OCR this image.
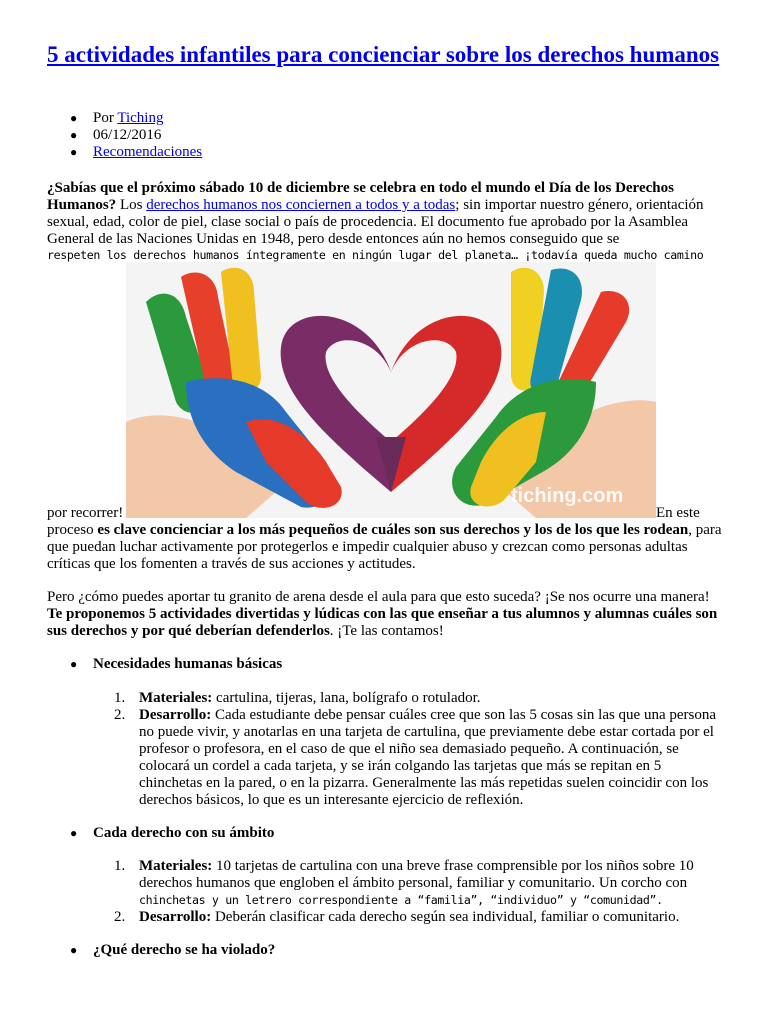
5 actividades infantiles para concienciar sobre los derechos humanos
● Por Tiching
● 06/12/2016
● Recomendaciones

¿Sabías que el próximo sábado 10 de diciembre se celebra en todo el mundo el Día de los Derechos Humanos? Los derechos humanos nos conciernen a todos y a todas; sin importar nuestro género, orientación sexual, edad, color de piel, clase social o país de procedencia. El documento fue aprobado por la Asamblea General de las Naciones Unidas en 1948, pero desde entonces aún no hemos conseguido que se

respeten los derechos humanos íntegramente en ningún lugar del planeta… ¡todavía queda mucho camino

tiching.com

por recorrer!	En este

proceso es clave concienciar a los más pequeños de cuáles son sus derechos y los de los que les rodean, para que puedan luchar activamente por protegerlos e impedir cualquier abuso y crezcan como personas adultas críticas que los fomenten a través de sus acciones y actitudes.

Pero ¿cómo puedes aportar tu granito de arena desde el aula para que esto suceda? ¡Se nos ocurre una manera! Te proponemos 5 actividades divertidas y lúdicas con las que enseñar a tus alumnos y alumnas cuáles son sus derechos y por qué deberían defenderlos. ¡Te las contamos!

● Necesidades humanas básicas
1. Materiales: cartulina, tijeras, lana, bolígrafo o rotulador.
2. Desarrollo: Cada estudiante debe pensar cuáles cree que son las 5 cosas sin las que una persona no puede vivir, y anotarlas en una tarjeta de cartulina, que previamente debe estar cortada por el profesor o profesora, en el caso de que el niño sea demasiado pequeño. A continuación, se colocará un cordel a cada tarjeta, y se irán colgando las tarjetas que más se repitan en 5 chinchetas en la pared, o en la pizarra. Generalmente las más repetidas suelen coincidir con los derechos básicos, lo que es un interesante ejercicio de reflexión.
● Cada derecho con su ámbito
1. Materiales: 10 tarjetas de cartulina con una breve frase comprensible por los niños sobre 10 derechos humanos que engloben el ámbito personal, familiar y comunitario. Un corcho con
chinchetas y un letrero correspondiente a “familia”, “individuo” y “comunidad”.
2. Desarrollo: Deberán clasificar cada derecho según sea individual, familiar o comunitario.
● ¿Qué derecho se ha violado?
